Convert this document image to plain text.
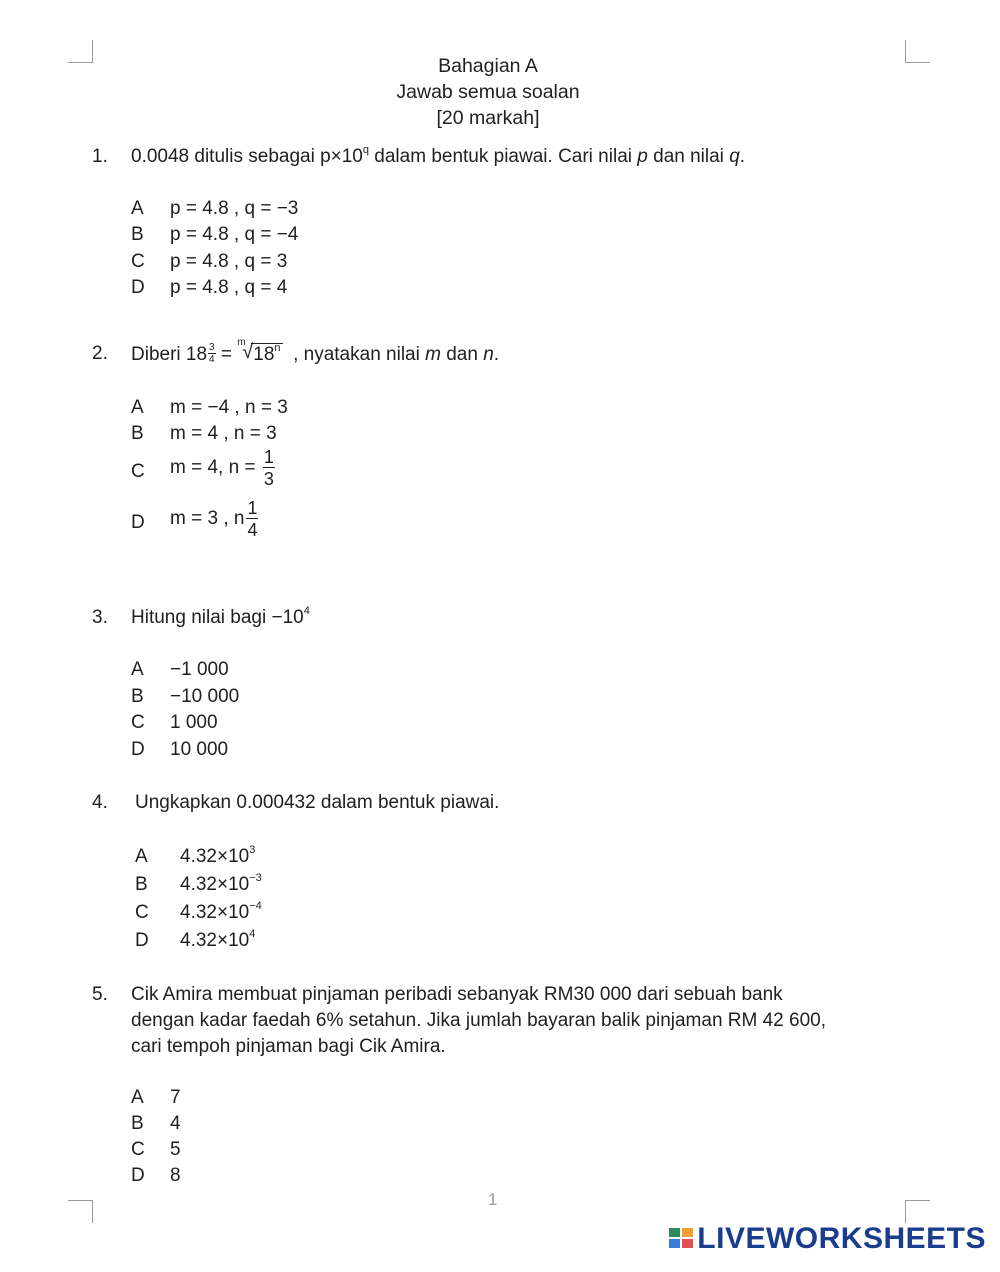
Bahagian A
Jawab semua soalan
[20 markah]
1. 0.0048 ditulis sebagai $p\times 10^q$ dalam bentuk piawai. Cari nilai p dan nilai q.
A p = 4.8 , q = −3
B p = 4.8 , q = −4
C p = 4.8 , q = 3
D p = 4.8 , q = 4
2. Diberi $18 \frac{3}{4}$ =
m
√ 18$^n$  , nyatakan nilai m dan n.
A m = −4 , n = 3
B m = 4 , n = 3
C m = 4, $n = \frac{1}{3}$
D m = 3 , n $\frac{1}{4}$
3. Hitung nilai bagi $-10^4$
A −1 000
B −10 000
C 1 000
D 10 000
4. Ungkapkan 0.000432 dalam bentuk piawai.
A $4.32\times 10^3$
B $4.32\times 10^{-3}$
C $4.32\times 10^{-4}$
D $4.32\times 10^4$
5. Cik Amira membuat pinjaman peribadi sebanyak RM30 000 dari sebuah bank
dengan kadar faedah 6% setahun. Jika jumlah bayaran balik pinjaman RM 42 600,
cari tempoh pinjaman bagi Cik Amira.
A 7
B 4
C 5
D 8
1
LIVEWORKSHEETS
